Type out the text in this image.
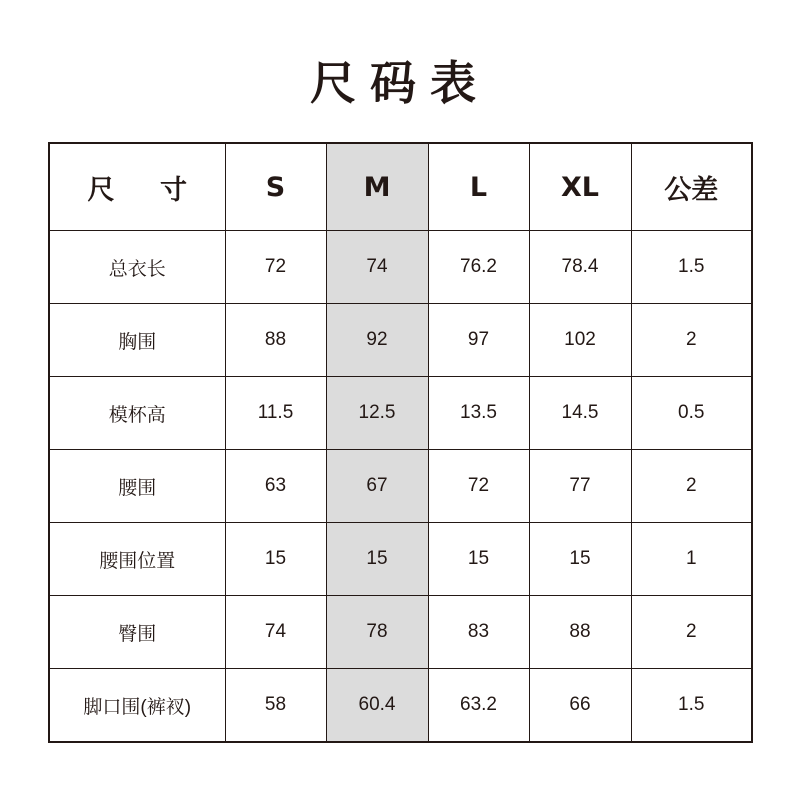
尺码表
尺 寸	S	M	L	XL	公差
总衣长	72	74	76.2	78.4	1.5
胸围	88	92	97	102	2
模杯高	11.5	12.5	13.5	14.5	0.5
腰围	63	67	72	77	2
腰围位置	15	15	15	15	1
臀围	74	78	83	88	2
脚口围(裤衩)	58	60.4	63.2	66	1.5
